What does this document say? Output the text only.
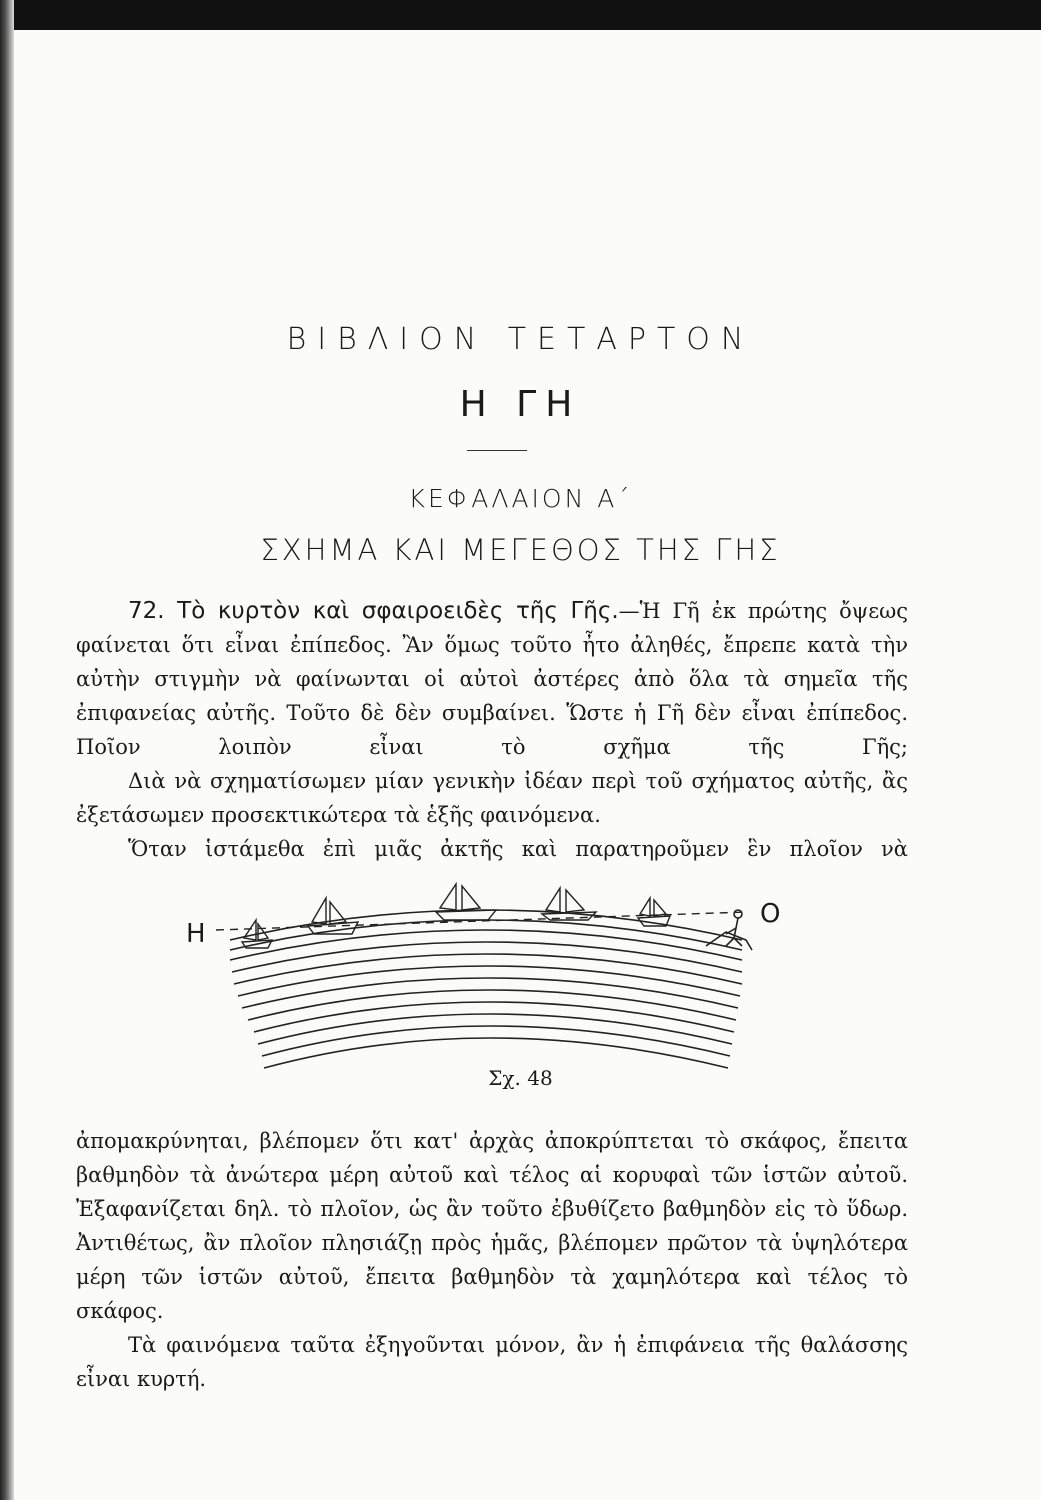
ΒΙΒΛΙΟΝ ΤΕΤΑΡΤΟΝ
Η ΓΗ
ΚΕΦΑΛΑΙΟΝ Α΄
ΣΧΗΜΑ ΚΑΙ ΜΕΓΕΘΟΣ ΤΗΣ ΓΗΣ
72. Τὸ κυρτὸν καὶ σφαιροειδὲς τῆς Γῆς.—Ἡ Γῆ ἐκ πρώτης ὄψεως φαίνεται ὅτι εἶναι ἐπίπεδος. Ἂν ὅμως τοῦτο ἦτο ἀληθές, ἔπρεπε κατὰ τὴν αὐτὴν στιγμὴν νὰ φαίνωνται οἱ αὐτοὶ ἀστέρες ἀπὸ ὅλα τὰ σημεῖα τῆς ἐπιφανείας αὐτῆς. Τοῦτο δὲ δὲν συμβαίνει. Ὥστε ἡ Γῆ δὲν εἶναι ἐπίπεδος. Ποῖον λοιπὸν εἶναι τὸ σχῆμα τῆς Γῆς;
Διὰ νὰ σχηματίσωμεν μίαν γενικὴν ἰδέαν περὶ τοῦ σχήματος αὐτῆς, ἂς ἐξετάσωμεν προσεκτικώτερα τὰ ἑξῆς φαινόμενα.
Ὅταν ἱστάμεθα ἐπὶ μιᾶς ἀκτῆς καὶ παρατηροῦμεν ἓν πλοῖον νὰ
Η
Ο
Σχ. 48
ἀπομακρύνηται, βλέπομεν ὅτι κατ' ἀρχὰς ἀποκρύπτεται τὸ σκάφος, ἔπειτα βαθμηδὸν τὰ ἀνώτερα μέρη αὐτοῦ καὶ τέλος αἱ κορυφαὶ τῶν ἱστῶν αὐτοῦ. Ἐξαφανίζεται δηλ. τὸ πλοῖον, ὡς ἂν τοῦτο ἐβυθίζετο βαθμηδὸν εἰς τὸ ὕδωρ. Ἀντιθέτως, ἂν πλοῖον πλησιάζῃ πρὸς ἡμᾶς, βλέπομεν πρῶτον τὰ ὑψηλότερα μέρη τῶν ἱστῶν αὐτοῦ, ἔπειτα βαθμηδὸν τὰ χαμηλότερα καὶ τέλος τὸ σκάφος.
Τὰ φαινόμενα ταῦτα ἐξηγοῦνται μόνον, ἂν ἡ ἐπιφάνεια τῆς θαλάσσης εἶναι κυρτή.
